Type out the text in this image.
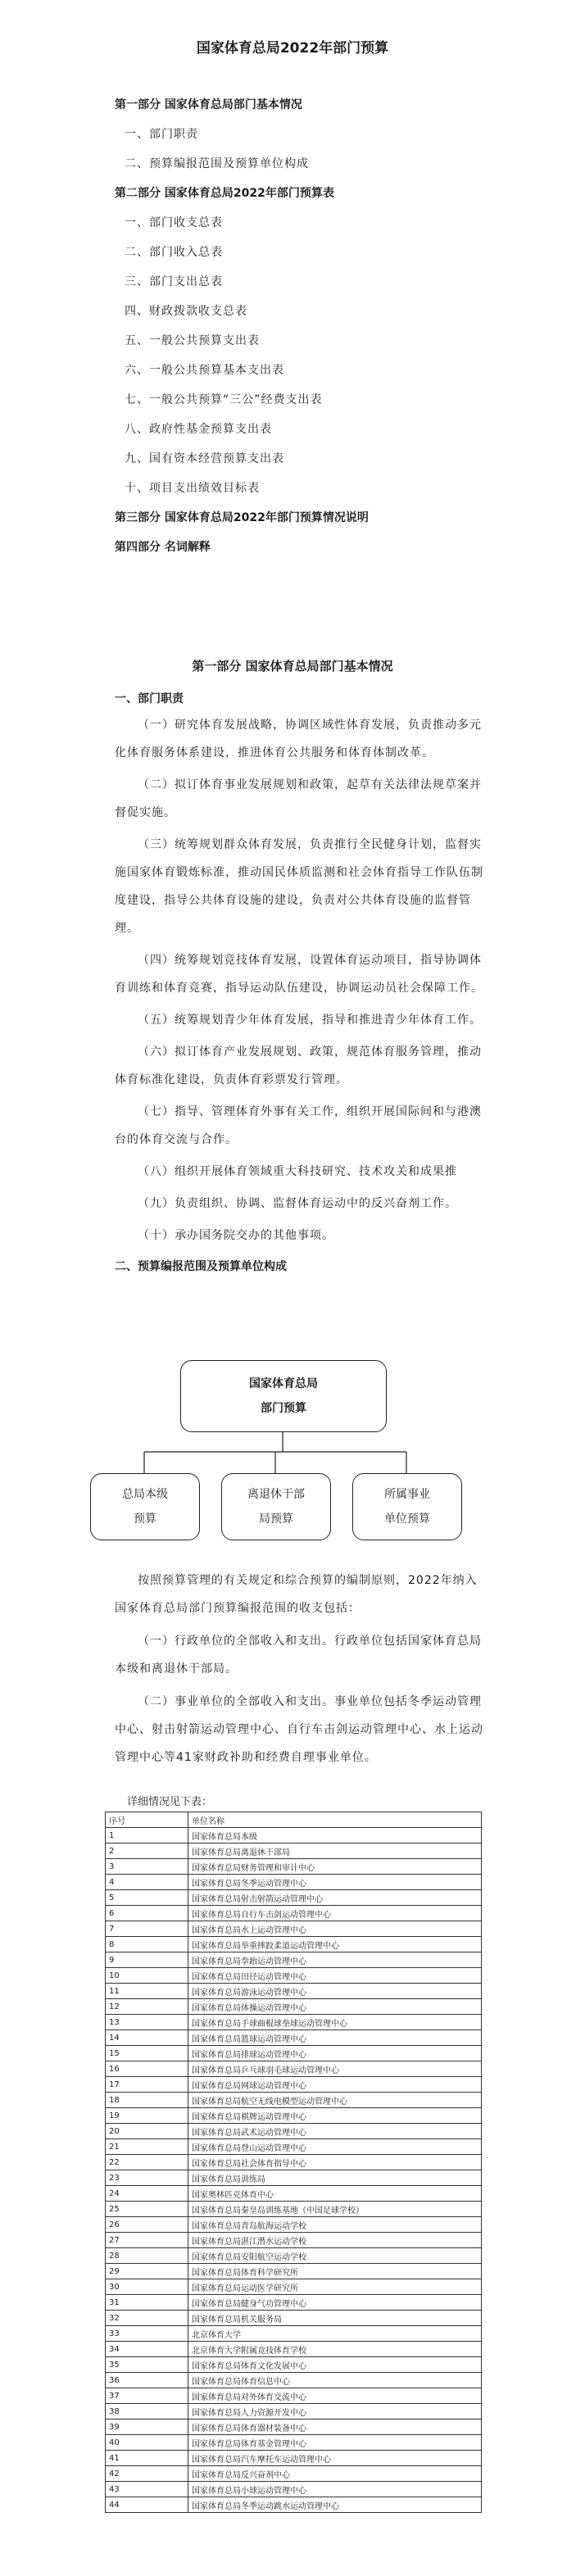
国家体育总局2022年部门预算
第一部分 国家体育总局部门基本情况
一、部门职责
二、预算编报范围及预算单位构成
第二部分 国家体育总局2022年部门预算表
一、部门收支总表
二、部门收入总表
三、部门支出总表
四、财政拨款收支总表
五、一般公共预算支出表
六、一般公共预算基本支出表
七、一般公共预算“三公”经费支出表
八、政府性基金预算支出表
九、国有资本经营预算支出表
十、项目支出绩效目标表
第三部分 国家体育总局2022年部门预算情况说明
第四部分 名词解释
第一部分 国家体育总局部门基本情况
一、部门职责

（一）研究体育发展战略，协调区域性体育发展，负责推动多元化体育服务体系建设，推进体育公共服务和体育体制改革。

（二）拟订体育事业发展规划和政策，起草有关法律法规草案并督促实施。

（三）统筹规划群众体育发展，负责推行全民健身计划，监督实施国家体育锻炼标准，推动国民体质监测和社会体育指导工作队伍制度建设，指导公共体育设施的建设，负责对公共体育设施的监督管理。

（四）统筹规划竞技体育发展，设置体育运动项目，指导协调体育训练和体育竞赛，指导运动队伍建设，协调运动员社会保障工作。

（五）统筹规划青少年体育发展，指导和推进青少年体育工作。

（六）拟订体育产业发展规划、政策，规范体育服务管理，推动体育标准化建设，负责体育彩票发行管理。

（七）指导、管理体育外事有关工作，组织开展国际间和与港澳台的体育交流与合作。

（八）组织开展体育领域重大科技研究、技术攻关和成果推

（九）负责组织、协调、监督体育运动中的反兴奋剂工作。

（十）承办国务院交办的其他事项。

二、预算编报范围及预算单位构成
国家体育总局
部门预算
总局本级
预算
离退休干部
局预算
所属事业
单位预算

按照预算管理的有关规定和综合预算的编制原则，2022年纳入国家体育总局部门预算编报范围的收支包括：

（一）行政单位的全部收入和支出。行政单位包括国家体育总局本级和离退休干部局。

（二）事业单位的全部收入和支出。事业单位包括冬季运动管理中心、射击射箭运动管理中心、自行车击剑运动管理中心、水上运动管理中心等41家财政补助和经费自理事业单位。

详细情况见下表：
序号	单位名称
1	国家体育总局本级
2	国家体育总局离退休干部局
3	国家体育总局财务管理和审计中心
4	国家体育总局冬季运动管理中心
5	国家体育总局射击射箭运动管理中心
6	国家体育总局自行车击剑运动管理中心
7	国家体育总局水上运动管理中心
8	国家体育总局举重摔跤柔道运动管理中心
9	国家体育总局拳跆运动管理中心
10	国家体育总局田径运动管理中心
11	国家体育总局游泳运动管理中心
12	国家体育总局体操运动管理中心
13	国家体育总局手球曲棍球垒球运动管理中心
14	国家体育总局篮球运动管理中心
15	国家体育总局排球运动管理中心
16	国家体育总局乒乓球羽毛球运动管理中心
17	国家体育总局网球运动管理中心
18	国家体育总局航空无线电模型运动管理中心
19	国家体育总局棋牌运动管理中心
20	国家体育总局武术运动管理中心
21	国家体育总局登山运动管理中心
22	国家体育总局社会体育指导中心
23	国家体育总局训练局
24	国家奥林匹克体育中心
25	国家体育总局秦皇岛训练基地（中国足球学校）
26	国家体育总局青岛航海运动学校
27	国家体育总局湛江潜水运动学校
28	国家体育总局安阳航空运动学校
29	国家体育总局体育科学研究所
30	国家体育总局运动医学研究所
31	国家体育总局健身气功管理中心
32	国家体育总局机关服务局
33	北京体育大学
34	北京体育大学附属竞技体育学校
35	国家体育总局体育文化发展中心
36	国家体育总局体育信息中心
37	国家体育总局对外体育交流中心
38	国家体育总局人力资源开发中心
39	国家体育总局体育器材装备中心
40	国家体育总局体育基金管理中心
41	国家体育总局汽车摩托车运动管理中心
42	国家体育总局反兴奋剂中心
43	国家体育总局小球运动管理中心
44	国家体育总局冬季运动跳水运动管理中心
